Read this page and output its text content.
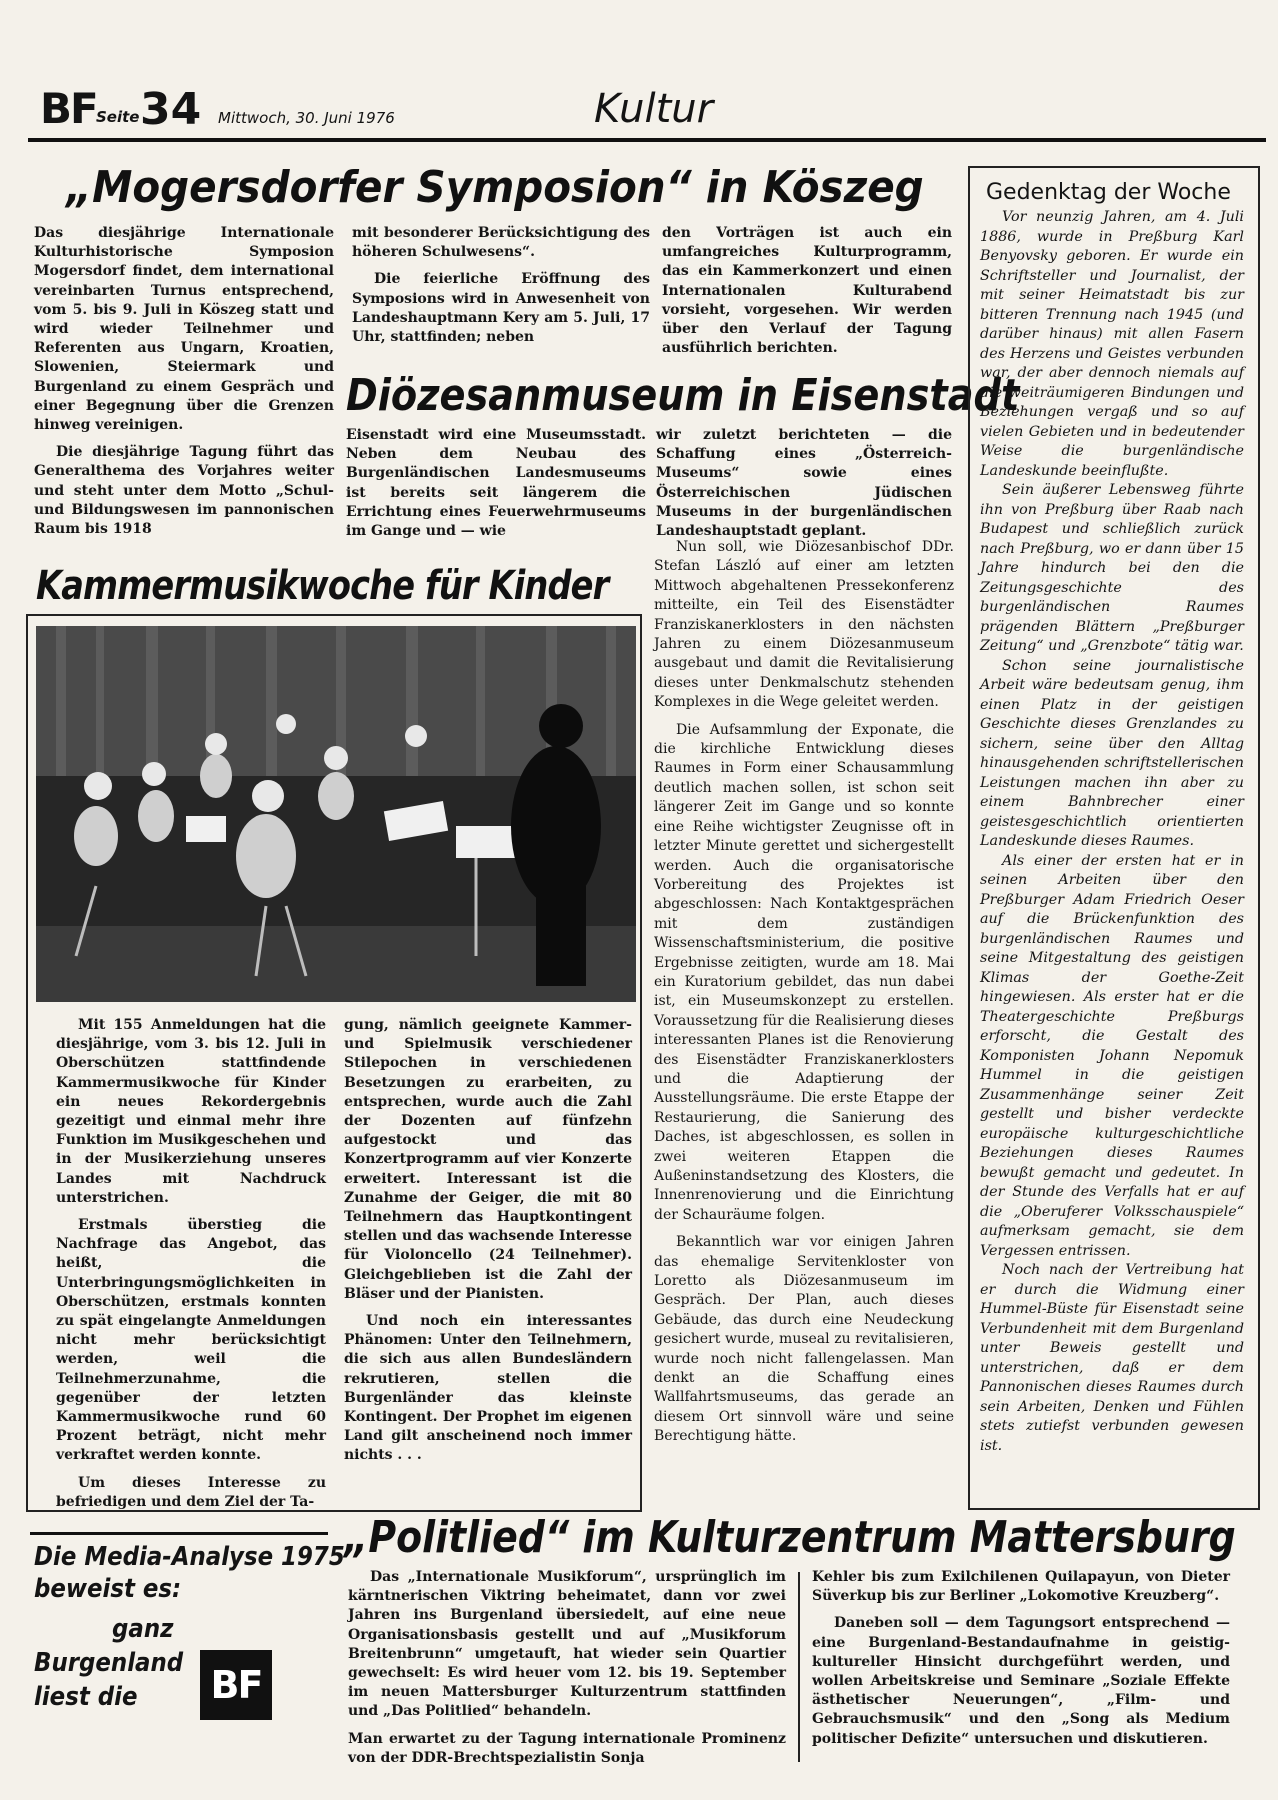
BF Seite 34 Mittwoch, 30. Juni 1976	Kultur
„Mogersdorfer Symposion“ in Köszeg

Das diesjährige Internationale Kulturhistorische Symposion Mogersdorf findet, dem international vereinbarten Turnus entsprechend, vom 5. bis 9. Juli in Köszeg statt und wird wieder Teilnehmer und Referenten aus Ungarn, Kroatien, Slowenien, Steiermark und Burgenland zu einem Gespräch und einer Begegnung über die Grenzen hinweg vereinigen.

Die diesjährige Tagung führt das Generalthema des Vorjahres weiter und steht unter dem Motto „Schul- und Bildungswesen im pannonischen Raum bis 1918

mit besonderer Berücksichtigung des höheren Schulwesens“.

Die feierliche Eröffnung des Symposions wird in Anwesenheit von Landeshauptmann Kery am 5. Juli, 17 Uhr, stattfinden; neben

den Vorträgen ist auch ein umfangreiches Kulturprogramm, das ein Kammerkonzert und einen Internationalen Kulturabend vorsieht, vorgesehen. Wir werden über den Verlauf der Tagung ausführlich berichten.

Diözesanmuseum in Eisenstadt

Eisenstadt wird eine Museumsstadt. Neben dem Neubau des Burgenländischen Landesmuseums ist bereits seit längerem die Errichtung eines Feuerwehrmuseums im Gange und — wie

wir zuletzt berichteten — die Schaffung eines „Österreich-Museums“ sowie eines Österreichischen Jüdischen Museums in der burgenländischen Landeshauptstadt geplant.

Nun soll, wie Diözesanbischof DDr. Stefan László auf einer am letzten Mittwoch abgehaltenen Pressekonferenz mitteilte, ein Teil des Eisenstädter Franziskanerklosters in den nächsten Jahren zu einem Diözesanmuseum ausgebaut und damit die Revitalisierung dieses unter Denkmalschutz stehenden Komplexes in die Wege geleitet werden.

Die Aufsammlung der Exponate, die die kirchliche Entwicklung dieses Raumes in Form einer Schausammlung deutlich machen sollen, ist schon seit längerer Zeit im Gange und so konnte eine Reihe wichtigster Zeugnisse oft in letzter Minute gerettet und sichergestellt werden. Auch die organisatorische Vorbereitung des Projektes ist abgeschlossen: Nach Kontaktgesprächen mit dem zuständigen Wissenschaftsministerium, die positive Ergebnisse zeitigten, wurde am 18. Mai ein Kuratorium gebildet, das nun dabei ist, ein Museumskonzept zu erstellen. Voraussetzung für die Realisierung dieses interessanten Planes ist die Renovierung des Eisenstädter Franziskanerklosters und die Adaptierung der Ausstellungsräume. Die erste Etappe der Restaurierung, die Sanierung des Daches, ist abgeschlossen, es sollen in zwei weiteren Etappen die Außeninstandsetzung des Klosters, die Innenrenovierung und die Einrichtung der Schauräume folgen.

Bekanntlich war vor einigen Jahren das ehemalige Servitenkloster von Loretto als Diözesanmuseum im Gespräch. Der Plan, auch dieses Gebäude, das durch eine Neudeckung gesichert wurde, museal zu revitalisieren, wurde noch nicht fallengelassen. Man denkt an die Schaffung eines Wallfahrtsmuseums, das gerade an diesem Ort sinnvoll wäre und seine Berechtigung hätte.

Kammermusikwoche für Kinder

Mit 155 Anmeldungen hat die diesjährige, vom 3. bis 12. Juli in Oberschützen stattfindende Kammermusikwoche für Kinder ein neues Rekordergebnis gezeitigt und einmal mehr ihre Funktion im Musikgeschehen und in der Musikerziehung unseres Landes mit Nachdruck unterstrichen.

Erstmals überstieg die Nachfrage das Angebot, das heißt, die Unterbringungsmöglichkeiten in Oberschützen, erstmals konnten zu spät eingelangte Anmeldungen nicht mehr berücksichtigt werden, weil die Teilnehmerzunahme, die gegenüber der letzten Kammermusikwoche rund 60 Prozent beträgt, nicht mehr verkraftet werden konnte.

Um dieses Interesse zu befriedigen und dem Ziel der Ta-

gung, nämlich geeignete Kammer- und Spielmusik verschiedener Stilepochen in verschiedenen Besetzungen zu erarbeiten, zu entsprechen, wurde auch die Zahl der Dozenten auf fünfzehn aufgestockt und das Konzertprogramm auf vier Konzerte erweitert. Interessant ist die Zunahme der Geiger, die mit 80 Teilnehmern das Hauptkontingent stellen und das wachsende Interesse für Violoncello (24 Teilnehmer). Gleichgeblieben ist die Zahl der Bläser und der Pianisten.

Und noch ein interessantes Phänomen: Unter den Teilnehmern, die sich aus allen Bundesländern rekrutieren, stellen die Burgenländer das kleinste Kontingent. Der Prophet im eigenen Land gilt anscheinend noch immer nichts . . .

Gedenktag der Woche

Vor neunzig Jahren, am 4. Juli 1886, wurde in Preßburg Karl Benyovsky geboren. Er wurde ein Schriftsteller und Journalist, der mit seiner Heimatstadt bis zur bitteren Trennung nach 1945 (und darüber hinaus) mit allen Fasern des Herzens und Geistes verbunden war, der aber dennoch niemals auf die weiträumigeren Bindungen und Beziehungen vergaß und so auf vielen Gebieten und in bedeutender Weise die burgenländische Landeskunde beeinflußte.

Sein äußerer Lebensweg führte ihn von Preßburg über Raab nach Budapest und schließlich zurück nach Preßburg, wo er dann über 15 Jahre hindurch bei den die Zeitungsgeschichte des burgenländischen Raumes prägenden Blättern „Preßburger Zeitung“ und „Grenzbote“ tätig war.

Schon seine journalistische Arbeit wäre bedeutsam genug, ihm einen Platz in der geistigen Geschichte dieses Grenzlandes zu sichern, seine über den Alltag hinausgehenden schriftstellerischen Leistungen machen ihn aber zu einem Bahnbrecher einer geistesgeschichtlich orientierten Landeskunde dieses Raumes.

Als einer der ersten hat er in seinen Arbeiten über den Preßburger Adam Friedrich Oeser auf die Brückenfunktion des burgenländischen Raumes und seine Mitgestaltung des geistigen Klimas der Goethe-Zeit hingewiesen. Als erster hat er die Theatergeschichte Preßburgs erforscht, die Gestalt des Komponisten Johann Nepomuk Hummel in die geistigen Zusammenhänge seiner Zeit gestellt und bisher verdeckte europäische kulturgeschichtliche Beziehungen dieses Raumes bewußt gemacht und gedeutet. In der Stunde des Verfalls hat er auf die „Oberuferer Volksschauspiele“ aufmerksam gemacht, sie dem Vergessen entrissen.

Noch nach der Vertreibung hat er durch die Widmung einer Hummel-Büste für Eisenstadt seine Verbundenheit mit dem Burgenland unter Beweis gestellt und unterstrichen, daß er dem Pannonischen dieses Raumes durch sein Arbeiten, Denken und Fühlen stets zutiefst verbunden gewesen ist.

Die Media-Analyse 1975
beweist es:
ganz
Burgenland
liest die BF
„Politlied“ im Kulturzentrum Mattersburg

Das „Internationale Musikforum“, ursprünglich im kärntnerischen Viktring beheimatet, dann vor zwei Jahren ins Burgenland übersiedelt, auf eine neue Organisationsbasis gestellt und auf „Musikforum Breitenbrunn“ umgetauft, hat wieder sein Quartier gewechselt: Es wird heuer vom 12. bis 19. September im neuen Mattersburger Kulturzentrum stattfinden und „Das Politlied“ behandeln.

Man erwartet zu der Tagung internationale Prominenz von der DDR-Brechtspezialistin Sonja

Kehler bis zum Exilchilenen Quilapayun, von Dieter Süverkup bis zur Berliner „Lokomotive Kreuzberg“.

Daneben soll — dem Tagungsort entsprechend — eine Burgenland-Bestandaufnahme in geistig-kultureller Hinsicht durchgeführt werden, und wollen Arbeitskreise und Seminare „Soziale Effekte ästhetischer Neuerungen“, „Film- und Gebrauchsmusik“ und den „Song als Medium politischer Defizite“ untersuchen und diskutieren.
